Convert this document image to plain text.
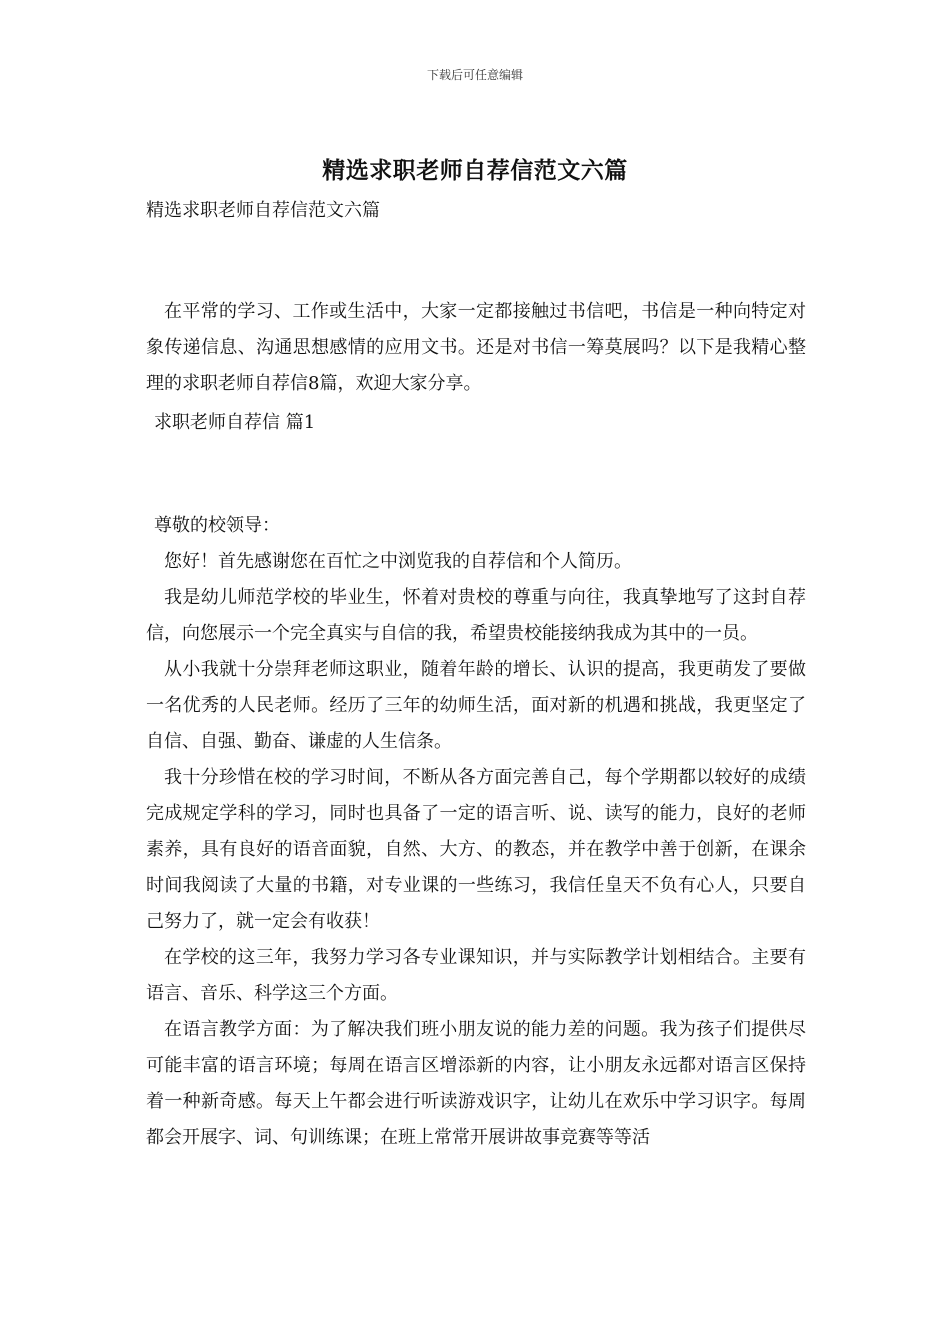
下载后可任意编辑
精选求职老师自荐信范文六篇
精选求职老师自荐信范文六篇

在平常的学习、工作或生活中，大家一定都接触过书信吧，书信是一种向特定对象传递信息、沟通思想感情的应用文书。还是对书信一筹莫展吗？以下是我精心整理的求职老师自荐信8篇，欢迎大家分享。

求职老师自荐信 篇1

尊敬的校领导：

您好！首先感谢您在百忙之中浏览我的自荐信和个人简历。

我是幼儿师范学校的毕业生，怀着对贵校的尊重与向往，我真挚地写了这封自荐信，向您展示一个完全真实与自信的我，希望贵校能接纳我成为其中的一员。

从小我就十分崇拜老师这职业，随着年龄的增长、认识的提高，我更萌发了要做一名优秀的人民老师。经历了三年的幼师生活，面对新的机遇和挑战，我更坚定了自信、自强、勤奋、谦虚的人生信条。

我十分珍惜在校的学习时间，不断从各方面完善自己，每个学期都以较好的成绩完成规定学科的学习，同时也具备了一定的语言听、说、读写的能力，良好的老师素养，具有良好的语音面貌，自然、大方、的教态，并在教学中善于创新，在课余时间我阅读了大量的书籍，对专业课的一些练习，我信任皇天不负有心人，只要自己努力了，就一定会有收获！

在学校的这三年，我努力学习各专业课知识，并与实际教学计划相结合。主要有语言、音乐、科学这三个方面。

在语言教学方面：为了解决我们班小朋友说的能力差的问题。我为孩子们提供尽可能丰富的语言环境；每周在语言区增添新的内容，让小朋友永远都对语言区保持着一种新奇感。每天上午都会进行听读游戏识字，让幼儿在欢乐中学习识字。每周都会开展字、词、句训练课；在班上常常开展讲故事竞赛等等活
